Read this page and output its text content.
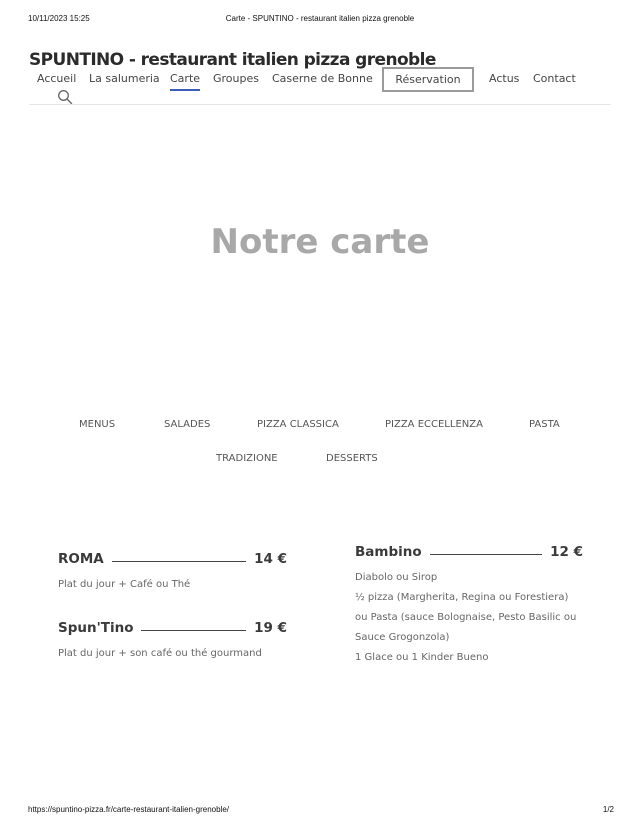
10/11/2023 15:25	Carte - SPUNTINO - restaurant italien pizza grenoble
SPUNTINO - restaurant italien pizza grenoble
Accueil La salumeria Carte Groupes Caserne de Bonne Réservation	Actus Contact
Notre carte
MENUS	SALADES	PIZZA CLASSICA	PIZZA ECCELLENZA	PASTA
TRADIZIONE	DESSERTS
ROMA	14 €
Plat du jour + Café ou Thé
Spun'Tino	19 €
Plat du jour + son café ou thé gourmand
Bambino	12 €
Diabolo ou Sirop
½ pizza (Margherita, Regina ou Forestiera)
ou Pasta (sauce Bolognaise, Pesto Basilic ou
Sauce Grogonzola)
1 Glace ou 1 Kinder Bueno
https://spuntino-pizza.fr/carte-restaurant-italien-grenoble/	1/2
